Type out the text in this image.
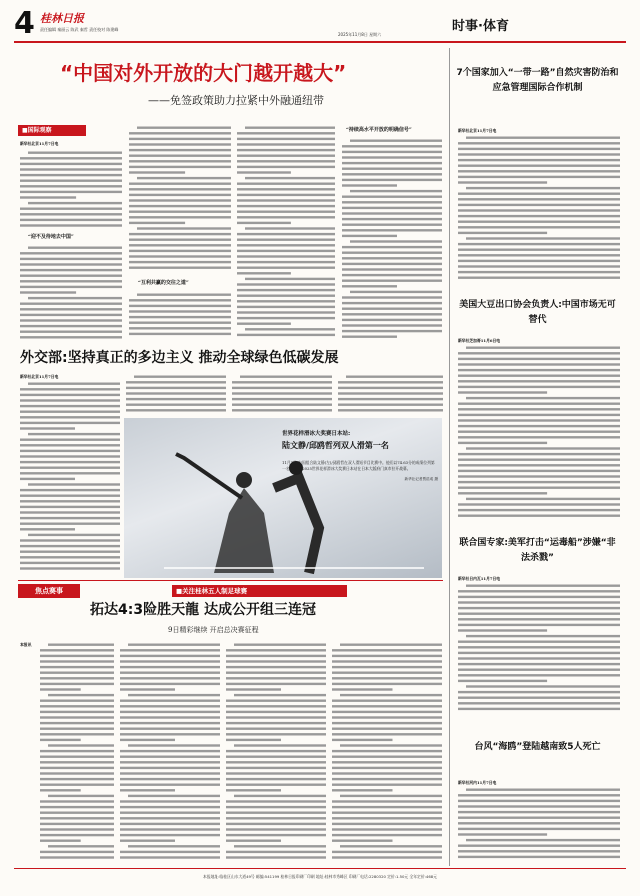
4 桂林日报
责任编辑 秦丽云 陈武 秦哲 责任校对 陈建峰
2025年11月8日 星期六
时事·体育
“中国对外开放的大门越开越大”
——免签政策助力拉紧中外融通纽带
■国际观察
新华社北京11月7日电
“迎不及待地去中国”
“互利共赢的交往之道”
“持续高水平开放的明确信号”
外交部:坚持真正的多边主义 推动全球绿色低碳发展
新华社北京11月7日电
世界花样滑冰大奖赛日本站:
陆文静/邱鸥哲列双人滑第一名
11月7日,中国组合陆文静(左)/邱鸥哲在双人滑短节目比赛中。他们以74.63分的成绩位列第一名。当日,2025世界花样滑冰大奖赛日本站在日本大阪府门真市拉开战幕。
新华社记者贾浩成 摄
焦点赛事	■关注桂林五人制足球赛
拓达4:3险胜天龍 达成公开组三连冠
9日精彩继续 开启总决赛征程
本报讯
7个国家加入“一带一路”自然灾害防治和应急管理国际合作机制
新华社北京11月7日电
美国大豆出口协会负责人:中国市场无可替代
新华社芝加哥11月6日电
联合国专家:美军打击“运毒船”涉嫌“非法杀戮”
新华社日内瓦11月7日电
台风“海鸥”登陆越南致5人死亡
新华社河内11月7日电
本报地址:临桂区山水大道49号 邮编:541199 桂林日报印刷厂印刷 地址:桂林市秀峰区 印刷厂电话:2280320 定价:1.50元 全年定价:468元
